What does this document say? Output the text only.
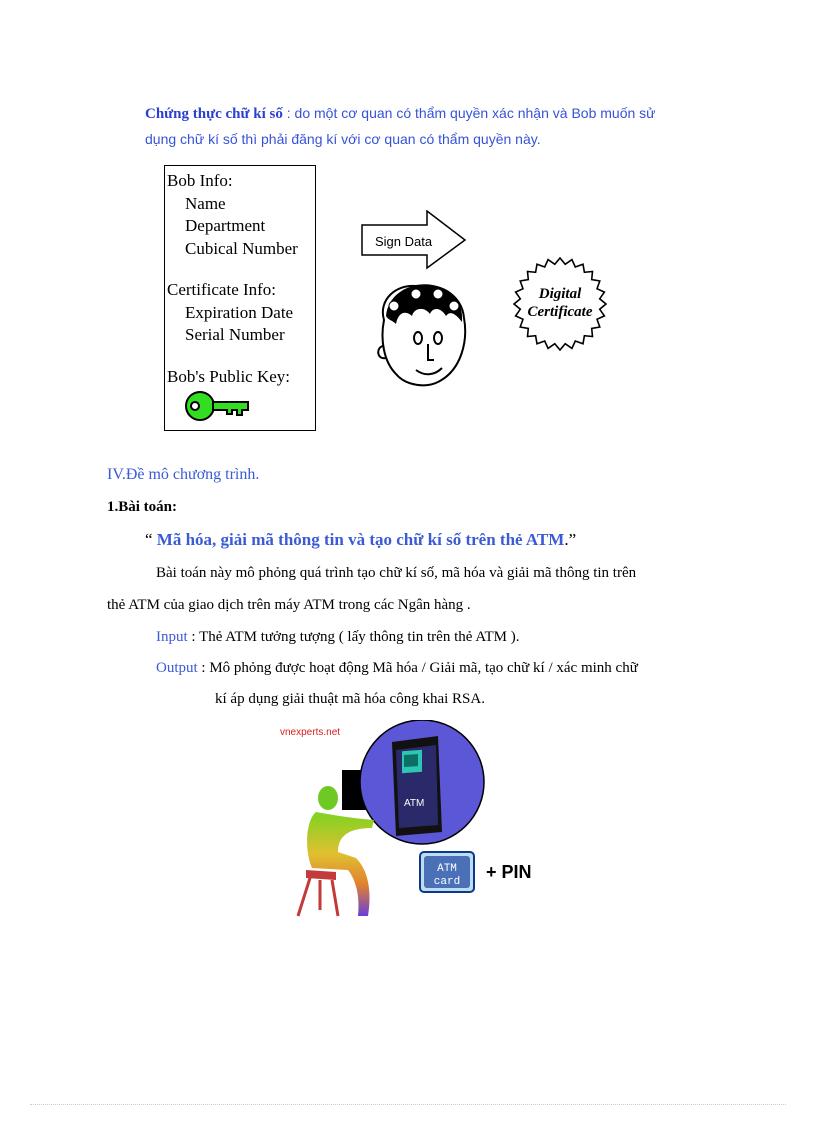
Chứng thực chữ kí số : do một cơ quan có thẩm quyền xác nhận và Bob muốn sử
dụng chữ kí số thì phải đăng kí với cơ quan có thẩm quyền này.
Bob Info:
Name
Department
Cubical Number
Certificate Info:
Expiration Date
Serial Number
Bob's Public Key:
Sign Data
Digital
Certificate
IV.Đề mô chương trình.
1.Bài toán:
“ Mã hóa, giải mã thông tin và tạo chữ kí số trên thẻ ATM.”
Bài toán này mô phỏng quá trình tạo chữ kí số, mã hóa và giải mã thông tin trên
thẻ ATM của giao dịch trên máy ATM trong các Ngân hàng .
Input : Thẻ ATM tưởng tượng ( lấy thông tin trên thẻ ATM ).
Output : Mô phỏng được hoạt động Mã hóa / Giải mã, tạo chữ kí / xác minh chữ
kí áp dụng giải thuật mã hóa công khai RSA.
vnexperts.net
ATM
ATM
card + PIN
